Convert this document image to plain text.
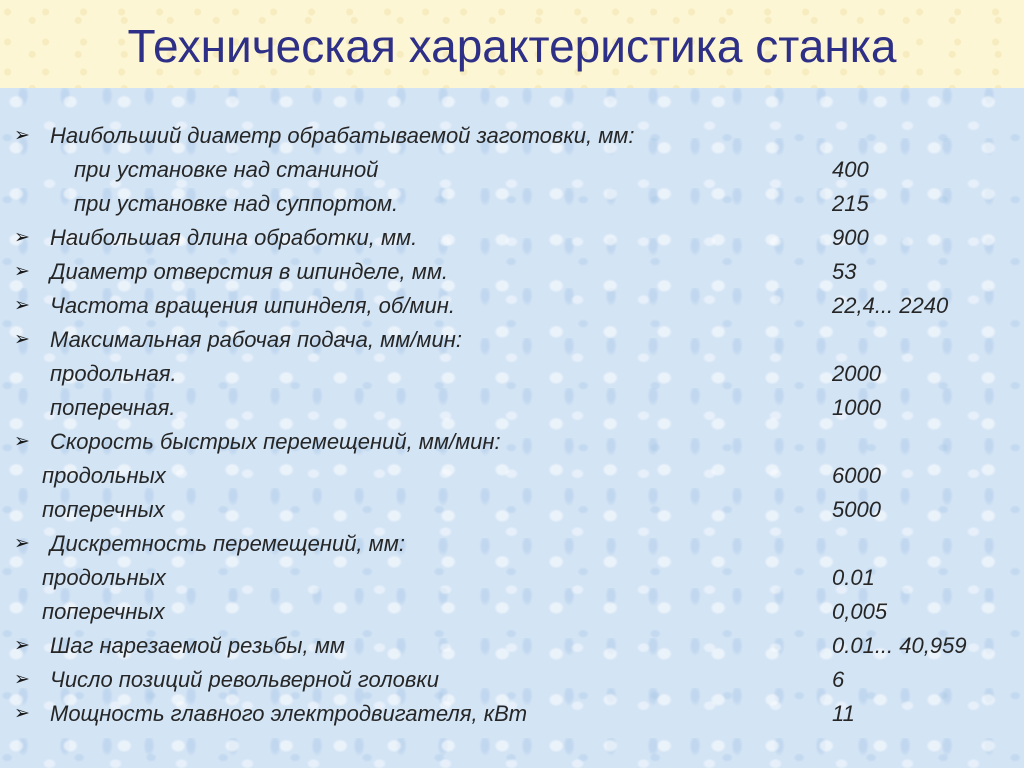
Техническая характеристика станка
➢ Наибольший диаметр обрабатываемой заготовки, мм:
при установке над станиной	400
при установке над суппортом.	215
➢ Наибольшая длина обработки, мм.	900
➢ Диаметр отверстия в шпинделе, мм.	53
➢ Частота вращения шпинделя, об/мин.	22,4... 2240
➢ Максимальная рабочая подача, мм/мин:
продольная.	2000
поперечная.	1000
➢ Скорость быстрых перемещений, мм/мин:
продольных	6000
поперечных	5000
➢ Дискретность перемещений, мм:
продольных	0.01
поперечных	0,005
➢ Шаг нарезаемой резьбы, мм	0.01... 40,959
➢ Число позиций револьверной головки	6
➢ Мощность главного электродвигателя, кВт	11
